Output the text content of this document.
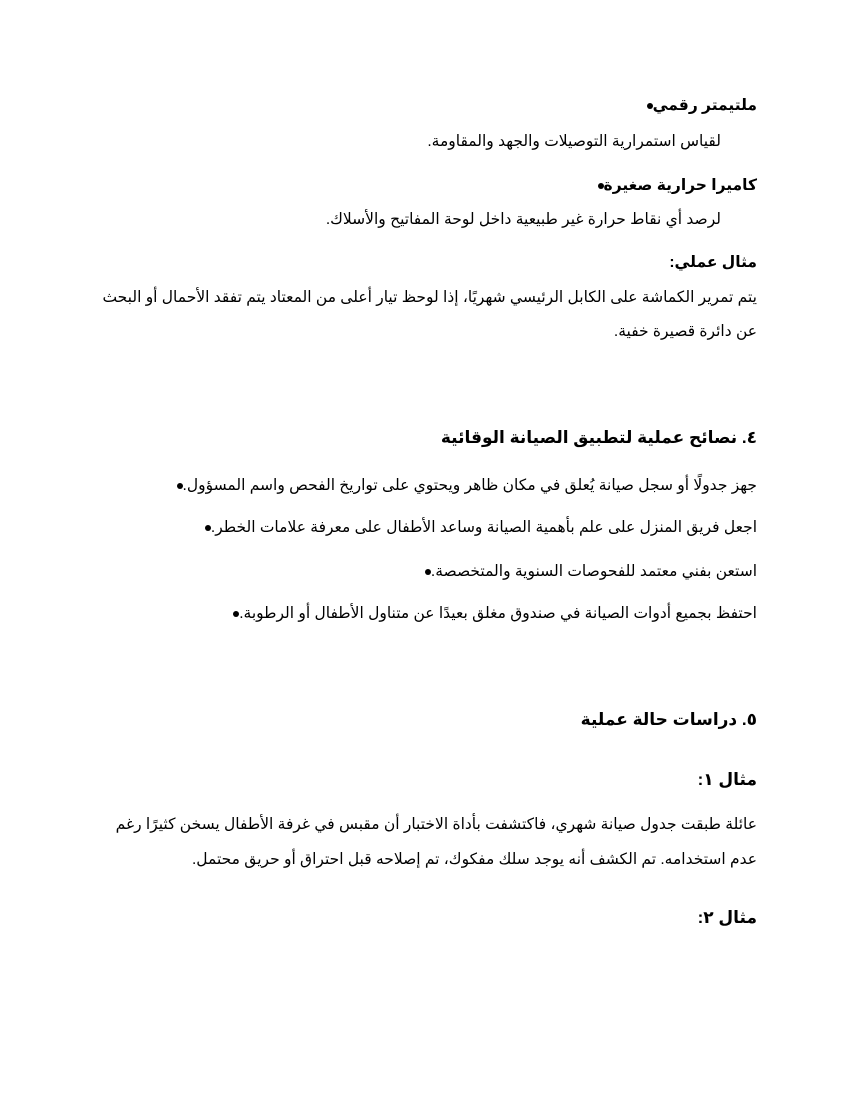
ملتيمتر رقمي
لقياس استمرارية التوصيلات والجهد والمقاومة.
كاميرا حرارية صغيرة
لرصد أي نقاط حرارة غير طبيعية داخل لوحة المفاتيح والأسلاك.
مثال عملي:
يتم تمرير الكماشة على الكابل الرئيسي شهريًا، إذا لوحظ تيار أعلى من المعتاد يتم تفقد الأحمال أو البحث
عن دائرة قصيرة خفية.
٤. نصائح عملية لتطبيق الصيانة الوقائية
جهز جدولًا أو سجل صيانة يُعلق في مكان ظاهر ويحتوي على تواريخ الفحص واسم المسؤول.
اجعل فريق المنزل على علم بأهمية الصيانة وساعد الأطفال على معرفة علامات الخطر.
استعن بفني معتمد للفحوصات السنوية والمتخصصة.
احتفظ بجميع أدوات الصيانة في صندوق مغلق بعيدًا عن متناول الأطفال أو الرطوبة.
٥. دراسات حالة عملية
مثال ١:
عائلة طبقت جدول صيانة شهري، فاكتشفت بأداة الاختبار أن مقبس في غرفة الأطفال يسخن كثيرًا رغم
عدم استخدامه. تم الكشف أنه يوجد سلك مفكوك، تم إصلاحه قبل احتراق أو حريق محتمل.
مثال ٢:
